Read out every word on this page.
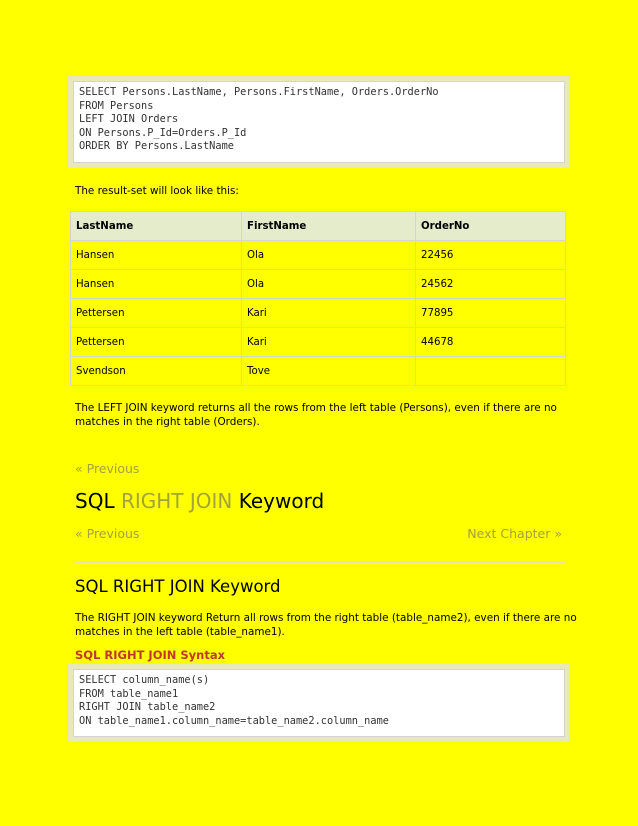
SELECT Persons.LastName, Persons.FirstName, Orders.OrderNo
FROM Persons
LEFT JOIN Orders
ON Persons.P_Id=Orders.P_Id
ORDER BY Persons.LastName
The result-set will look like this:
LastName	FirstName	OrderNo
Hansen	Ola	22456
Hansen	Ola	24562
Pettersen	Kari	77895
Pettersen	Kari	44678
Svendson	Tove	
The LEFT JOIN keyword returns all the rows from the left table (Persons), even if there are no
matches in the right table (Orders).
« Previous
SQL RIGHT JOIN Keyword
« Previous	Next Chapter »
SQL RIGHT JOIN Keyword
The RIGHT JOIN keyword Return all rows from the right table (table_name2), even if there are no
matches in the left table (table_name1).
SQL RIGHT JOIN Syntax
SELECT column_name(s)
FROM table_name1
RIGHT JOIN table_name2
ON table_name1.column_name=table_name2.column_name
